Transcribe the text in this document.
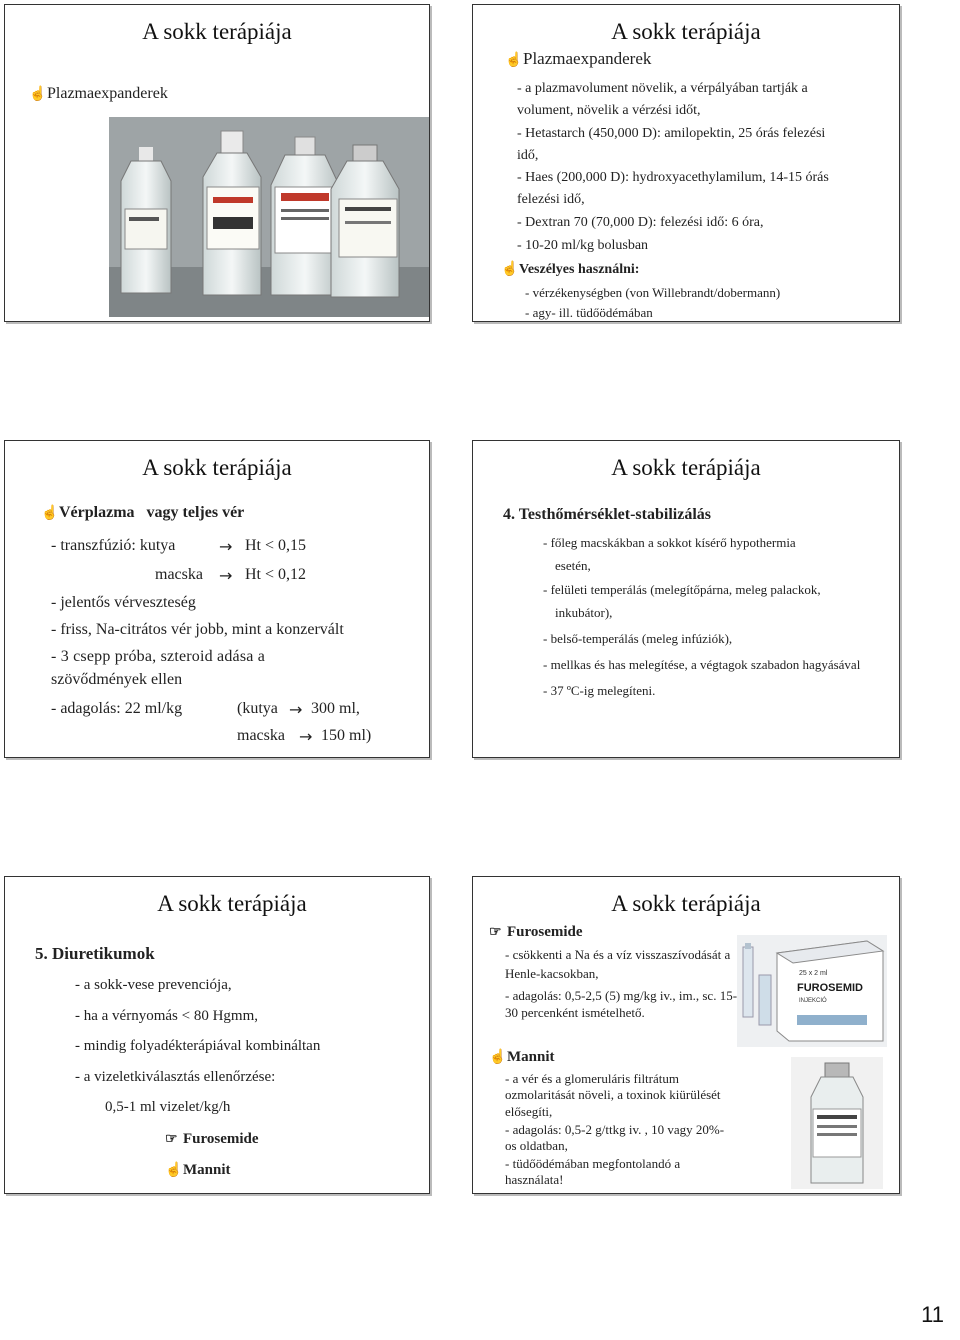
A sokk terápiája
☝Plazmaexpanderek
A sokk terápiája
☝Plazmaexpanderek
- a plazmavolument növelik, a vérpályában tartják a
volument, növelik a vérzési időt,
- Hetastarch (450,000 D): amilopektin, 25 órás felezési
idő,
- Haes (200,000 D): hydroxyacethylamilum, 14-15 órás
felezési idő,
- Dextran 70 (70,000 D): felezési idő: 6 óra,
- 10-20 ml/kg bolusban
☝Veszélyes használni:
- vérzékenységben (von Willebrandt/dobermann)
- agy- ill. tüdőödémában
A sokk terápiája
☝Vérplazma vagy teljes vér
- transzfúzió: kutya	→ Ht < 0,15
macska → Ht < 0,12
- jelentős vérveszteség
- friss, Na-citrátos vér jobb, mint a konzervált
- 3 csepp próba, szteroid adása a
szövődmények ellen
- adagolás: 22 ml/kg	(kutya → 300 ml,
macska → 150 ml)
A sokk terápiája
4. Testhőmérséklet-stabilizálás
- főleg macskákban a sokkot kísérő hypothermia
esetén,
- felületi temperálás (melegítőpárna, meleg palackok,
inkubátor),
- belső-temperálás (meleg infúziók),
- mellkas és has melegítése, a végtagok szabadon hagyásával
- 37 ºC-ig melegíteni.
A sokk terápiája
5. Diuretikumok
- a sokk-vese prevenciója,
- ha a vérnyomás < 80 Hgmm,
- mindig folyadékterápiával kombináltan
- a vizeletkiválasztás ellenőrzése:
0,5-1 ml vizelet/kg/h
☞ Furosemide
☝Mannit
A sokk terápiája
☞ Furosemide
- csökkenti a Na és a víz visszaszívodását a
Henle-kacsokban,
- adagolás: 0,5-2,5 (5) mg/kg iv., im., sc. 15-
30 percenként ismételhető.
25 x 2 ml
FUROSEMID
INJEKCIÓ
☝Mannit
- a vér és a glomeruláris filtrátum
ozmolaritását növeli, a toxinok kiürülését
elősegíti,
- adagolás: 0,5-2 g/ttkg iv. , 10 vagy 20%-
os oldatban,
- tüdőödémában megfontolandó a
használata!
11
